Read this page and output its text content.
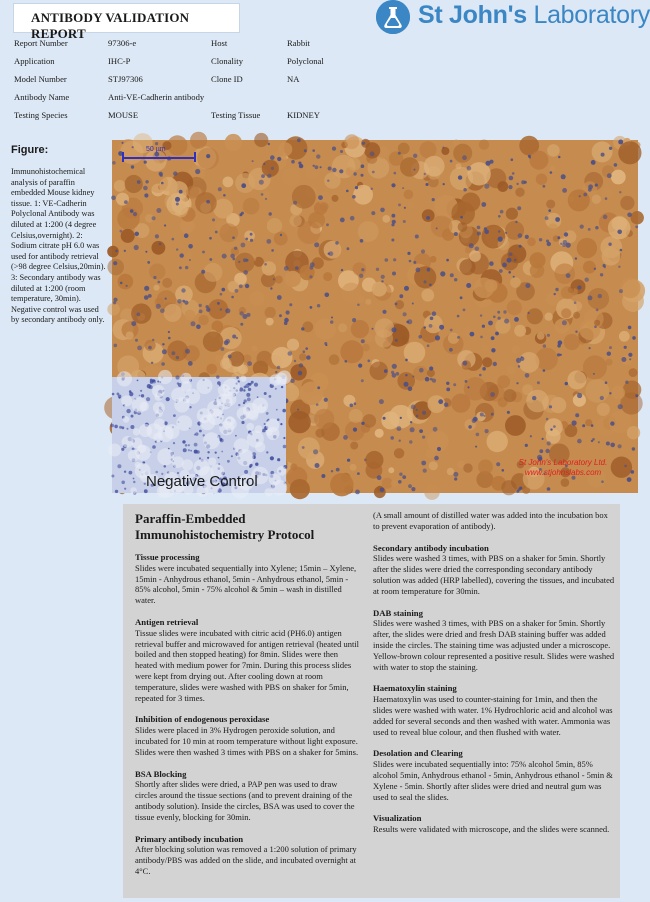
ANTIBODY VALIDATION REPORT
St John's Laboratory
Report Number	97306-e	Host	Rabbit
Application	IHC-P	Clonality	Polyclonal
Model Number	STJ97306	Clone ID	NA
Antibody Name	Anti-VE-Cadherin antibody
Testing Species	MOUSE	Testing Tissue	KIDNEY
Figure:
Immunohistochemical analysis of paraffin embedded Mouse kidney tissue. 1: VE-Cadherin Polyclonal Antibody was diluted at 1:200 (4 degree Celsius,overnight). 2: Sodium citrate pH 6.0 was used for antibody retrieval (>98 degree Celsius,20min). 3: Secondary antibody was diluted at 1:200 (room temperature, 30min). Negative control was used by secondary antibody only.
50 µm
St John's Laboratory Ltd.
www.stjohnslabs.com
Negative Control
Paraffin-Embedded Immunohistochemistry Protocol
Tissue processing

Slides were incubated sequentially into Xylene; 15min – Xylene, 15min - Anhydrous ethanol, 5min - Anhydrous ethanol, 5min - 85% alcohol, 5min - 75% alcohol & 5min – wash in distilled water.

Antigen retrieval

Tissue slides were incubated with citric acid (PH6.0) antigen retrieval buffer and microwaved for antigen retrieval (heated until boiled and then stopped heating) for 8min. Slides were then heated with medium power for 7min. During this process slides were kept from drying out. After cooling down at room temperature, slides were washed with PBS on shaker for 5min, repeated for 3 times.

Inhibition of endogenous peroxidase

Slides were placed in 3% Hydrogen peroxide solution, and incubated for 10 min at room temperature without light exposure. Slides were then washed 3 times with PBS on a shaker for 5mins.

BSA Blocking

Shortly after slides were dried, a PAP pen was used to draw circles around the tissue sections (and to prevent draining of the antibody solution). Inside the circles, BSA was used to cover the tissue evenly, blocking for 30min.

Primary antibody incubation

After blocking solution was removed a 1:200 solution of primary antibody/PBS was added on the slide, and incubated overnight at 4°C.

(A small amount of distilled water was added into the incubation box to prevent evaporation of antibody).

Secondary antibody incubation

Slides were washed 3 times, with PBS on a shaker for 5min. Shortly after the slides were dried the corresponding secondary antibody solution was added (HRP labelled), covering the tissues, and incubated at room temperature for 30min.

DAB staining

Slides were washed 3 times, with PBS on a shaker for 5min. Shortly after, the slides were dried and fresh DAB staining buffer was added inside the circles. The staining time was adjusted under a microscope. Yellow-brown colour represented a positive result. Slides were washed with water to stop the staining.

Haematoxylin staining

Haematoxylin was used to counter-staining for 1min, and then the slides were washed with water. 1% Hydrochloric acid and alcohol was added for several seconds and then washed with water. Ammonia was used to reveal blue colour, and then flushed with water.

Desolation and Clearing

Slides were incubated sequentially into: 75% alcohol 5min, 85% alcohol 5min, Anhydrous ethanol - 5min, Anhydrous ethanol - 5min & Xylene - 5min. Shortly after slides were dried and neutral gum was used to seal the slides.

Visualization

Results were validated with microscope, and the slides were scanned.
